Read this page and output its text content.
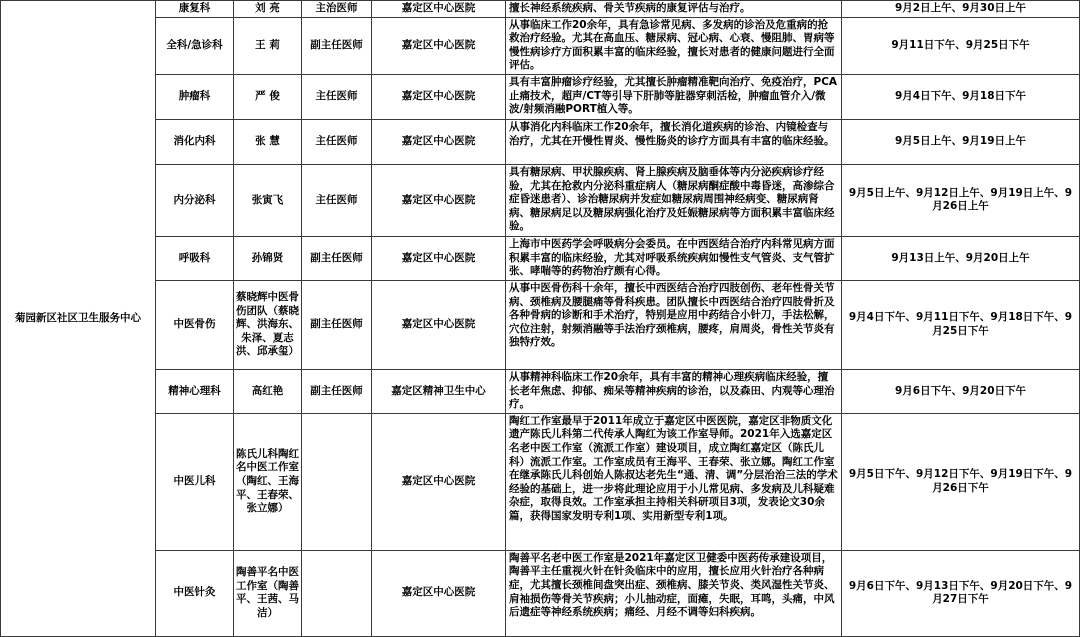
菊园新区社区卫生服务中心	康复科	刘 亮	主治医师	嘉定区中心医院	擅长神经系统疾病、骨关节疾病的康复评估与治疗。	9月2日上午、9月30日上午
	全科/急诊科	王 莉	副主任医师	嘉定区中心医院	从事临床工作20余年，具有急诊常见病、多发病的诊治及危重病的抢救治疗经验。尤其在高血压、糖尿病、冠心病、心衰、慢阻肺、胃病等慢性病诊疗方面积累丰富的临床经验，擅长对患者的健康问题进行全面评估。	9月11日下午、9月25日下午
	肿瘤科	严 俊	主任医师	嘉定区中心医院	具有丰富肿瘤诊疗经验，尤其擅长肿瘤精准靶向治疗、免疫治疗，PCA止痛技术，超声/CT等引导下肝肺等脏器穿刺活检，肿瘤血管介入/微波/射频消融PORT植入等。	9月4日下午、9月18日下午
	消化内科	张 慧	主任医师	嘉定区中心医院	从事消化内科临床工作20余年，擅长消化道疾病的诊治、内镜检查与治疗，尤其在开慢性胃炎、慢性肠炎的诊疗方面具有丰富的临床经验。	9月5日上午、9月19日上午
	内分泌科	张寅飞	主任医师	嘉定区中心医院	具有糖尿病、甲状腺疾病、肾上腺疾病及脑垂体等内分泌疾病诊疗经验，尤其在抢救内分泌科重症病人（糖尿病酮症酸中毒昏迷，高渗综合症昏迷患者）、诊治糖尿病并发症如糖尿病周围神经病变、糖尿病肾病、糖尿病足以及糖尿病强化治疗及妊娠糖尿病等方面积累丰富临床经验。	9月5日上午、9月12日上午、9月19日上午、9月26日上午
	呼吸科	孙锦贤	副主任医师	嘉定区中心医院	上海市中医药学会呼吸病分会委员。在中西医结合治疗内科常见病方面积累丰富的临床经验，尤其对呼吸系统疾病如慢性支气管炎、支气管扩张、哮喘等的药物治疗颇有心得。	9月13日上午、9月20日上午
	中医骨伤	蔡晓辉中医骨伤团队（蔡晓辉、洪海东、朱泽、夏志洪、邱承玺）	副主任医师	嘉定区中心医院	从事中医骨伤科十余年，擅长中西医结合治疗四肢创伤、老年性骨关节病、颈椎病及腰腿痛等骨科疾患。团队擅长中西医结合治疗四肢骨折及各种骨病的诊断和手术治疗，特别是应用中药结合小针刀，手法松解，穴位注射，射频消融等手法治疗颈椎病，腰疼，肩周炎，骨性关节炎有独特疗效。	9月4日下午、9月11日下午、9月18日下午、9月25日下午
	精神心理科	高红艳	副主任医师	嘉定区精神卫生中心	从事精神科临床工作20余年，具有丰富的精神心理疾病临床经验，擅长老年焦虑、抑郁、痴呆等精神疾病的诊治，以及森田、内观等心理治疗。	9月6日下午、9月20日下午
	中医儿科	陈氏儿科陶红名中医工作室（陶红、王海平、王春荣、张立娜）		嘉定区中心医院	陶红工作室最早于2011年成立于嘉定区中医医院，嘉定区非物质文化遗产陈氏儿科第二代传承人陶红为该工作室导师。2021年入选嘉定区名老中医工作室（流派工作室）建设项目，成立陶红嘉定区（陈氏儿科）流派工作室。工作室成员有王海平、王春荣、张立娜。陶红工作室在继承陈氏儿科创始人陈叔达老先生“通、清、调”分层治治三法的学术经验的基础上，进一步将此理论应用于小儿常见病、多发病及儿科疑难杂症，取得良效。工作室承担主持相关科研项目3项，发表论文30余篇，获得国家发明专利1项、实用新型专利1项。	9月5日下午、9月12日下午、9月19日下午、9月26日下午
	中医针灸	陶善平名中医工作室（陶善平、王茜、马洁）		嘉定区中心医院	陶善平名老中医工作室是2021年嘉定区卫健委中医药传承建设项目，陶善平主任重视火针在针灸临床中的应用，擅长应用火针治疗各种病症，尤其擅长颈椎间盘突出症、颈椎病、膝关节炎、类风湿性关节炎、肩袖损伤等骨关节疾病；小儿抽动症，面瘫，失眠，耳鸣，头痛，中风后遗症等神经系统疾病；痛经、月经不调等妇科疾病。	9月6日下午、9月13日下午、9月20日下午、9月27日下午
